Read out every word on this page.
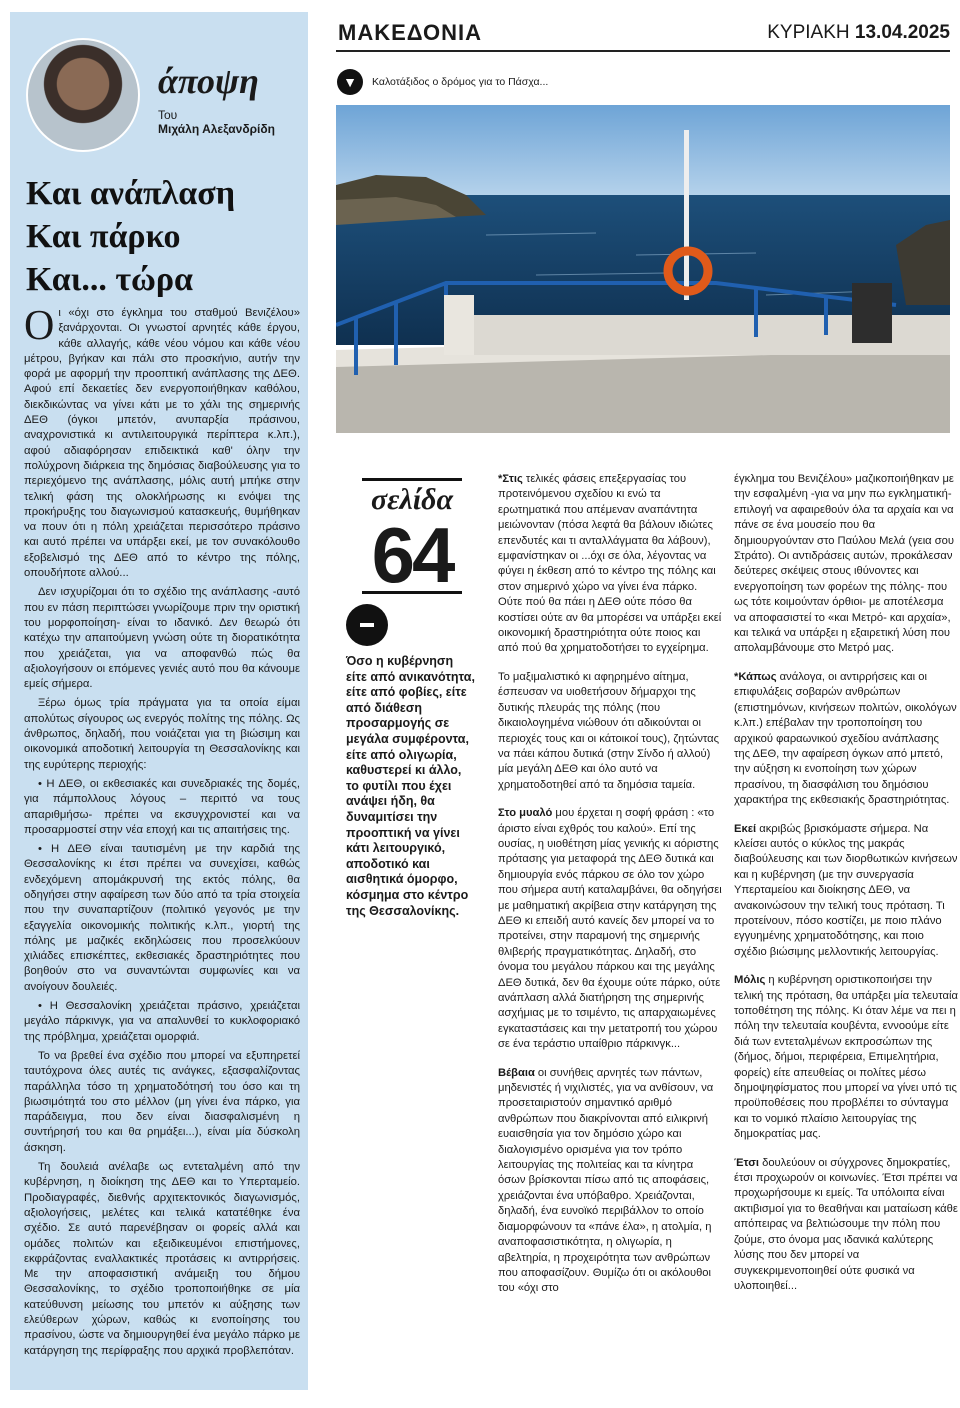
άποψη
Του
Μιχάλη Αλεξανδρίδη
Και ανάπλαση
Και πάρκο
Και... τώρα

Οι «όχι στο έγκλημα του σταθμού Βενιζέλου» ξανάρχονται. Οι γνωστοί αρνητές κάθε έργου, κάθε αλλαγής, κάθε νέου νόμου και κάθε νέου μέτρου, βγήκαν και πάλι στο προσκήνιο, αυτήν την φορά με αφορμή την προοπτική ανάπλασης της ΔΕΘ. Αφού επί δεκαετίες δεν ενεργοποιήθηκαν καθόλου, διεκδικώντας να γίνει κάτι με το χάλι της σημερινής ΔΕΘ (όγκοι μπετόν, ανυπαρξία πράσινου, αναχρονιστικά κι αντιλειτουργικά περίπτερα κ.λπ.), αφού αδιαφόρησαν επιδεικτικά καθ' όλην την πολύχρονη διάρκεια της δημόσιας διαβούλευσης για το περιεχόμενο της ανάπλασης, μόλις αυτή μπήκε στην τελική φάση της ολοκλήρωσης κι ενόψει της προκήρυξης του διαγωνισμού κατασκευής, θυμήθηκαν να πουν ότι η πόλη χρειάζεται περισσότερο πράσινο και αυτό πρέπει να υπάρξει εκεί, με τον συνακόλουθο εξοβελισμό της ΔΕΘ από το κέντρο της πόλης, οπουδήποτε αλλού...

Δεν ισχυρίζομαι ότι το σχέδιο της ανάπλασης -αυτό που εν πάση περιπτώσει γνωρίζουμε πριν την οριστική του μορφοποίηση- είναι το ιδανικό. Δεν θεωρώ ότι κατέχω την απαιτούμενη γνώση ούτε τη διορατικότητα που χρειάζεται, για να αποφανθώ πώς θα αξιολογήσουν οι επόμενες γενιές αυτό που θα κάνουμε εμείς σήμερα.

Ξέρω όμως τρία πράγματα για τα οποία είμαι απολύτως σίγουρος ως ενεργός πολίτης της πόλης. Ως άνθρωπος, δηλαδή, που νοιάζεται για τη βιώσιμη και οικονομικά αποδοτική λειτουργία τη Θεσσαλονίκης και της ευρύτερης περιοχής:

• Η ΔΕΘ, οι εκθεσιακές και συνεδριακές της δομές, για πάμπολλους λόγους – περιττό να τους απαριθμήσω- πρέπει να εκσυγχρονιστεί και να προσαρμοστεί στην νέα εποχή και τις απαιτήσεις της.

• Η ΔΕΘ είναι ταυτισμένη με την καρδιά της Θεσσαλονίκης κι έτσι πρέπει να συνεχίσει, καθώς ενδεχόμενη απομάκρυνσή της εκτός πόλης, θα οδηγήσει στην αφαίρεση των δύο από τα τρία στοιχεία που την συναπαρτίζουν (πολιτικό γεγονός με την εξαγγελία οικονομικής πολιτικής κ.λπ., γιορτή της πόλης με μαζικές εκδηλώσεις που προσελκύουν χιλιάδες επισκέπτες, εκθεσιακές δραστηριότητες που βοηθούν στο να συναντώνται συμφωνίες και να ανοίγουν δουλειές.

• Η Θεσσαλονίκη χρειάζεται πράσινο, χρειάζεται μεγάλο πάρκινγκ, για να απαλυνθεί το κυκλοφοριακό της πρόβλημα, χρειάζεται ομορφιά.

Το να βρεθεί ένα σχέδιο που μπορεί να εξυπηρετεί ταυτόχρονα όλες αυτές τις ανάγκες, εξασφαλίζοντας παράλληλα τόσο τη χρηματοδότησή του όσο και τη βιωσιμότητά του στο μέλλον (μη γίνει ένα πάρκο, για παράδειγμα, που δεν είναι διασφαλισμένη η συντήρησή του και θα ρημάξει...), είναι μία δύσκολη άσκηση.

Τη δουλειά ανέλαβε ως εντεταλμένη από την κυβέρνηση, η διοίκηση της ΔΕΘ και το Υπερταμείο. Προδιαγραφές, διεθνής αρχιτεκτονικός διαγωνισμός, αξιολογήσεις, μελέτες και τελικά κατατέθηκε ένα σχέδιο. Σε αυτό παρενέβησαν οι φορείς αλλά και ομάδες πολιτών και εξειδικευμένοι επιστήμονες, εκφράζοντας εναλλακτικές προτάσεις κι αντιρρήσεις. Με την αποφασιστική ανάμειξη του δήμου Θεσσαλονίκης, το σχέδιο τροποποιήθηκε σε μία κατεύθυνση μείωσης του μπετόν κι αύξησης των ελεύθερων χώρων, καθώς κι ενοποίησης του πρασίνου, ώστε να δημιουργηθεί ένα μεγάλο πάρκο με κατάργηση της περίφραξης που αρχικά προβλεπόταν.

ΜΑΚΕΔΟΝΙΑ	ΚΥΡΙΑΚΗ 13.04.2025
▼	Καλοτάξιδος ο δρόμος για το Πάσχα...
σελίδα
64
Όσο η κυβέρνηση είτε από ανικανότητα, είτε από φοβίες, είτε από διάθεση προσαρμογής σε μεγάλα συμφέροντα, είτε από ολιγωρία, καθυστερεί κι άλλο, το φυτίλι που έχει ανάψει ήδη, θα δυναμιτίσει την προοπτική να γίνει κάτι λειτουργικό, αποδοτικό και αισθητικά όμορφο, κόσμημα στο κέντρο της Θεσσαλονίκης.

*Στις τελικές φάσεις επεξεργασίας του προτεινόμενου σχεδίου κι ενώ τα ερωτηματικά που απέμεναν αναπάντητα μειώνονταν (πόσα λεφτά θα βάλουν ιδιώτες επενδυτές και τι ανταλλάγματα θα λάβουν), εμφανίστηκαν οι ...όχι σε όλα, λέγοντας να φύγει η έκθεση από το κέντρο της πόλης και στον σημερινό χώρο να γίνει ένα πάρκο. Ούτε πού θα πάει η ΔΕΘ ούτε πόσο θα κοστίσει ούτε αν θα μπορέσει να υπάρξει εκεί οικονομική δραστηριότητα ούτε ποιος και από πού θα χρηματοδοτήσει το εγχείρημα.

Το μαξιμαλιστικό κι αφηρημένο αίτημα, έσπευσαν να υιοθετήσουν δήμαρχοι της δυτικής πλευράς της πόλης (που δικαιολογημένα νιώθουν ότι αδικούνται οι περιοχές τους και οι κάτοικοί τους), ζητώντας να πάει κάπου δυτικά (στην Σίνδο ή αλλού) μία μεγάλη ΔΕΘ και όλο αυτό να χρηματοδοτηθεί από τα δημόσια ταμεία.

Στο μυαλό μου έρχεται η σοφή φράση : «το άριστο είναι εχθρός του καλού». Επί της ουσίας, η υιοθέτηση μίας γενικής κι αόριστης πρότασης για μεταφορά της ΔΕΘ δυτικά και δημιουργία ενός πάρκου σε όλο τον χώρο που σήμερα αυτή καταλαμβάνει, θα οδηγήσει με μαθηματική ακρίβεια στην κατάργηση της ΔΕΘ κι επειδή αυτό κανείς δεν μπορεί να το προτείνει, στην παραμονή της σημερινής θλιβερής πραγματικότητας. Δηλαδή, στο όνομα του μεγάλου πάρκου και της μεγάλης ΔΕΘ δυτικά, δεν θα έχουμε ούτε πάρκο, ούτε ανάπλαση αλλά διατήρηση της σημερινής ασχήμιας με το τσιμέντο, τις απαρχαιωμένες εγκαταστάσεις και την μετατροπή του χώρου σε ένα τεράστιο υπαίθριο πάρκινγκ...

Βέβαια οι συνήθεις αρνητές των πάντων, μηδενιστές ή νιχιλιστές, για να ανθίσουν, να προσεταιριστούν σημαντικό αριθμό ανθρώπων που διακρίνονται από ειλικρινή ευαισθησία για τον δημόσιο χώρο και διαλογισμένο ορισμένα για τον τρόπο λειτουργίας της πολιτείας και τα κίνητρα όσων βρίσκονται πίσω από τις αποφάσεις, χρειάζονται ένα υπόβαθρο. Χρειάζονται, δηλαδή, ένα ευνοϊκό περιβάλλον το οποίο διαμορφώνουν τα «πάνε έλα», η ατολμία, η αναποφασιστικότητα, η ολιγωρία, η αβελτηρία, η προχειρότητα των ανθρώπων που αποφασίζουν. Θυμίζω ότι οι ακόλουθοι του «όχι στο

έγκλημα του Βενιζέλου» μαζικοποιήθηκαν με την εσφαλμένη -για να μην πω εγκληματική- επιλογή να αφαιρεθούν όλα τα αρχαία και να πάνε σε ένα μουσείο που θα δημιουργούνταν στο Παύλου Μελά (γεια σου Στράτο). Οι αντιδράσεις αυτών, προκάλεσαν δεύτερες σκέψεις στους ιθύνοντες και ενεργοποίηση των φορέων της πόλης- που ως τότε κοιμούνταν όρθιοι- με αποτέλεσμα να αποφασιστεί το «και Μετρό- και αρχαία», και τελικά να υπάρξει η εξαιρετική λύση που απολαμβάνουμε στο Μετρό μας.

*Κάπως ανάλογα, οι αντιρρήσεις και οι επιφυλάξεις σοβαρών ανθρώπων (επιστημόνων, κινήσεων πολιτών, οικολόγων κ.λπ.) επέβαλαν την τροποποίηση του αρχικού φαραωνικού σχεδίου ανάπλασης της ΔΕΘ, την αφαίρεση όγκων από μπετό, την αύξηση κι ενοποίηση των χώρων πρασίνου, τη διασφάλιση του δημόσιου χαρακτήρα της εκθεσιακής δραστηριότητας.

Εκεί ακριβώς βρισκόμαστε σήμερα. Να κλείσει αυτός ο κύκλος της μακράς διαβούλευσης και των διορθωτικών κινήσεων και η κυβέρνηση (με την συνεργασία Υπερταμείου και διοίκησης ΔΕΘ, να ανακοινώσουν την τελική τους πρόταση. Τι προτείνουν, πόσο κοστίζει, με ποιο πλάνο εγγυημένης χρηματοδότησης, και ποιο σχέδιο βιώσιμης μελλοντικής λειτουργίας.

Μόλις η κυβέρνηση οριστικοποιήσει την τελική της πρόταση, θα υπάρξει μία τελευταία τοποθέτηση της πόλης. Κι όταν λέμε να πει η πόλη την τελευταία κουβέντα, εννοούμε είτε διά των εντεταλμένων εκπροσώπων της (δήμος, δήμοι, περιφέρεια, Επιμελητήρια, φορείς) είτε απευθείας οι πολίτες μέσω δημοψηφίσματος που μπορεί να γίνει υπό τις προϋποθέσεις που προβλέπει το σύνταγμα και το νομικό πλαίσιο λειτουργίας της δημοκρατίας μας.

Έτσι δουλεύουν οι σύγχρονες δημοκρατίες, έτσι προχωρούν οι κοινωνίες. Έτσι πρέπει να προχωρήσουμε κι εμείς. Τα υπόλοιπα είναι ακτιβισμοί για το θεαθήναι και ματαίωση κάθε απόπειρας να βελτιώσουμε την πόλη που ζούμε, στο όνομα μας ιδανικά καλύτερης λύσης που δεν μπορεί να συγκεκριμενοποιηθεί ούτε φυσικά να υλοποιηθεί...
